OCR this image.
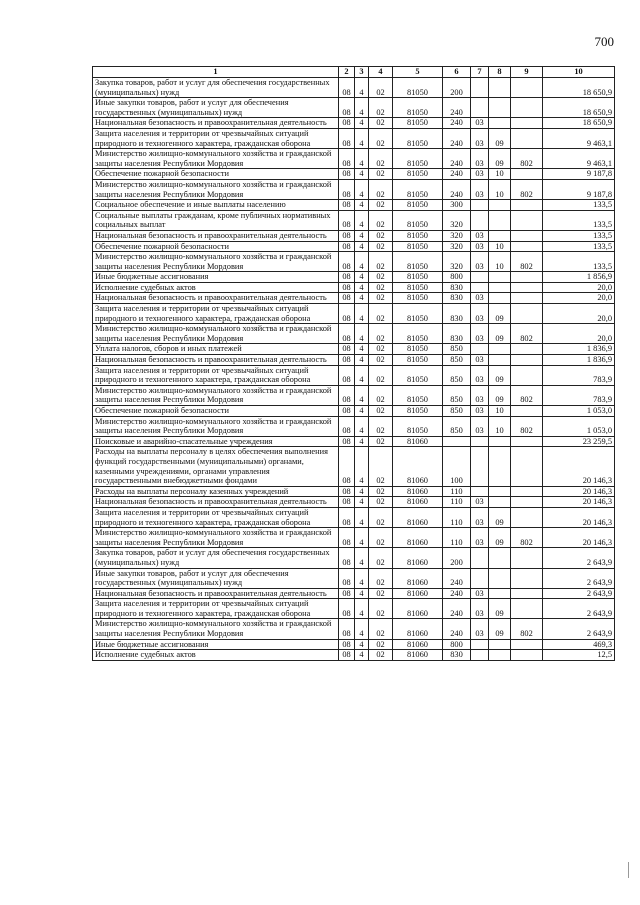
700
1	2	3	4	5	6	7	8	9	10
Закупка товаров, работ и услуг для обеспечения государственных (муниципальных) нужд	08	4	02	81050	200				18 650,9
Иные закупки товаров, работ и услуг для обеспечения государственных (муниципальных) нужд	08	4	02	81050	240				18 650,9
Национальная безопасность и правоохранительная деятельность	08	4	02	81050	240	03			18 650,9
Защита населения и территории от чрезвычайных ситуаций природного и техногенного характера, гражданская оборона	08	4	02	81050	240	03	09		9 463,1
Министерство жилищно-коммунального хозяйства и гражданской защиты населения Республики Мордовия	08	4	02	81050	240	03	09	802	9 463,1
Обеспечение пожарной безопасности	08	4	02	81050	240	03	10		9 187,8
Министерство жилищно-коммунального хозяйства и гражданской защиты населения Республики Мордовия	08	4	02	81050	240	03	10	802	9 187,8
Социальное обеспечение и иные выплаты населению	08	4	02	81050	300				133,5
Социальные выплаты гражданам, кроме публичных нормативных социальных выплат	08	4	02	81050	320				133,5
Национальная безопасность и правоохранительная деятельность	08	4	02	81050	320	03			133,5
Обеспечение пожарной безопасности	08	4	02	81050	320	03	10		133,5
Министерство жилищно-коммунального хозяйства и гражданской защиты населения Республики Мордовия	08	4	02	81050	320	03	10	802	133,5
Иные бюджетные ассигнования	08	4	02	81050	800				1 856,9
Исполнение судебных актов	08	4	02	81050	830				20,0
Национальная безопасность и правоохранительная деятельность	08	4	02	81050	830	03			20,0
Защита населения и территории от чрезвычайных ситуаций природного и техногенного характера, гражданская оборона	08	4	02	81050	830	03	09		20,0
Министерство жилищно-коммунального хозяйства и гражданской защиты населения Республики Мордовия	08	4	02	81050	830	03	09	802	20,0
Уплата налогов, сборов и иных платежей	08	4	02	81050	850				1 836,9
Национальная безопасность и правоохранительная деятельность	08	4	02	81050	850	03			1 836,9
Защита населения и территории от чрезвычайных ситуаций природного и техногенного характера, гражданская оборона	08	4	02	81050	850	03	09		783,9
Министерство жилищно-коммунального хозяйства и гражданской защиты населения Республики Мордовия	08	4	02	81050	850	03	09	802	783,9
Обеспечение пожарной безопасности	08	4	02	81050	850	03	10		1 053,0
Министерство жилищно-коммунального хозяйства и гражданской защиты населения Республики Мордовия	08	4	02	81050	850	03	10	802	1 053,0
Поисковые и аварийно-спасательные учреждения	08	4	02	81060					23 259,5
Расходы на выплаты персоналу в целях обеспечения выполнения функций государственными (муниципальными) органами, казенными учреждениями, органами управления государственными внебюджетными фондами	08	4	02	81060	100				20 146,3
Расходы на выплаты персоналу казенных учреждений	08	4	02	81060	110				20 146,3
Национальная безопасность и правоохранительная деятельность	08	4	02	81060	110	03			20 146,3
Защита населения и территории от чрезвычайных ситуаций природного и техногенного характера, гражданская оборона	08	4	02	81060	110	03	09		20 146,3
Министерство жилищно-коммунального хозяйства и гражданской защиты населения Республики Мордовия	08	4	02	81060	110	03	09	802	20 146,3
Закупка товаров, работ и услуг для обеспечения государственных (муниципальных) нужд	08	4	02	81060	200				2 643,9
Иные закупки товаров, работ и услуг для обеспечения государственных (муниципальных) нужд	08	4	02	81060	240				2 643,9
Национальная безопасность и правоохранительная деятельность	08	4	02	81060	240	03			2 643,9
Защита населения и территории от чрезвычайных ситуаций природного и техногенного характера, гражданская оборона	08	4	02	81060	240	03	09		2 643,9
Министерство жилищно-коммунального хозяйства и гражданской защиты населения Республики Мордовия	08	4	02	81060	240	03	09	802	2 643,9
Иные бюджетные ассигнования	08	4	02	81060	800				469,3
Исполнение судебных актов	08	4	02	81060	830				12,5
